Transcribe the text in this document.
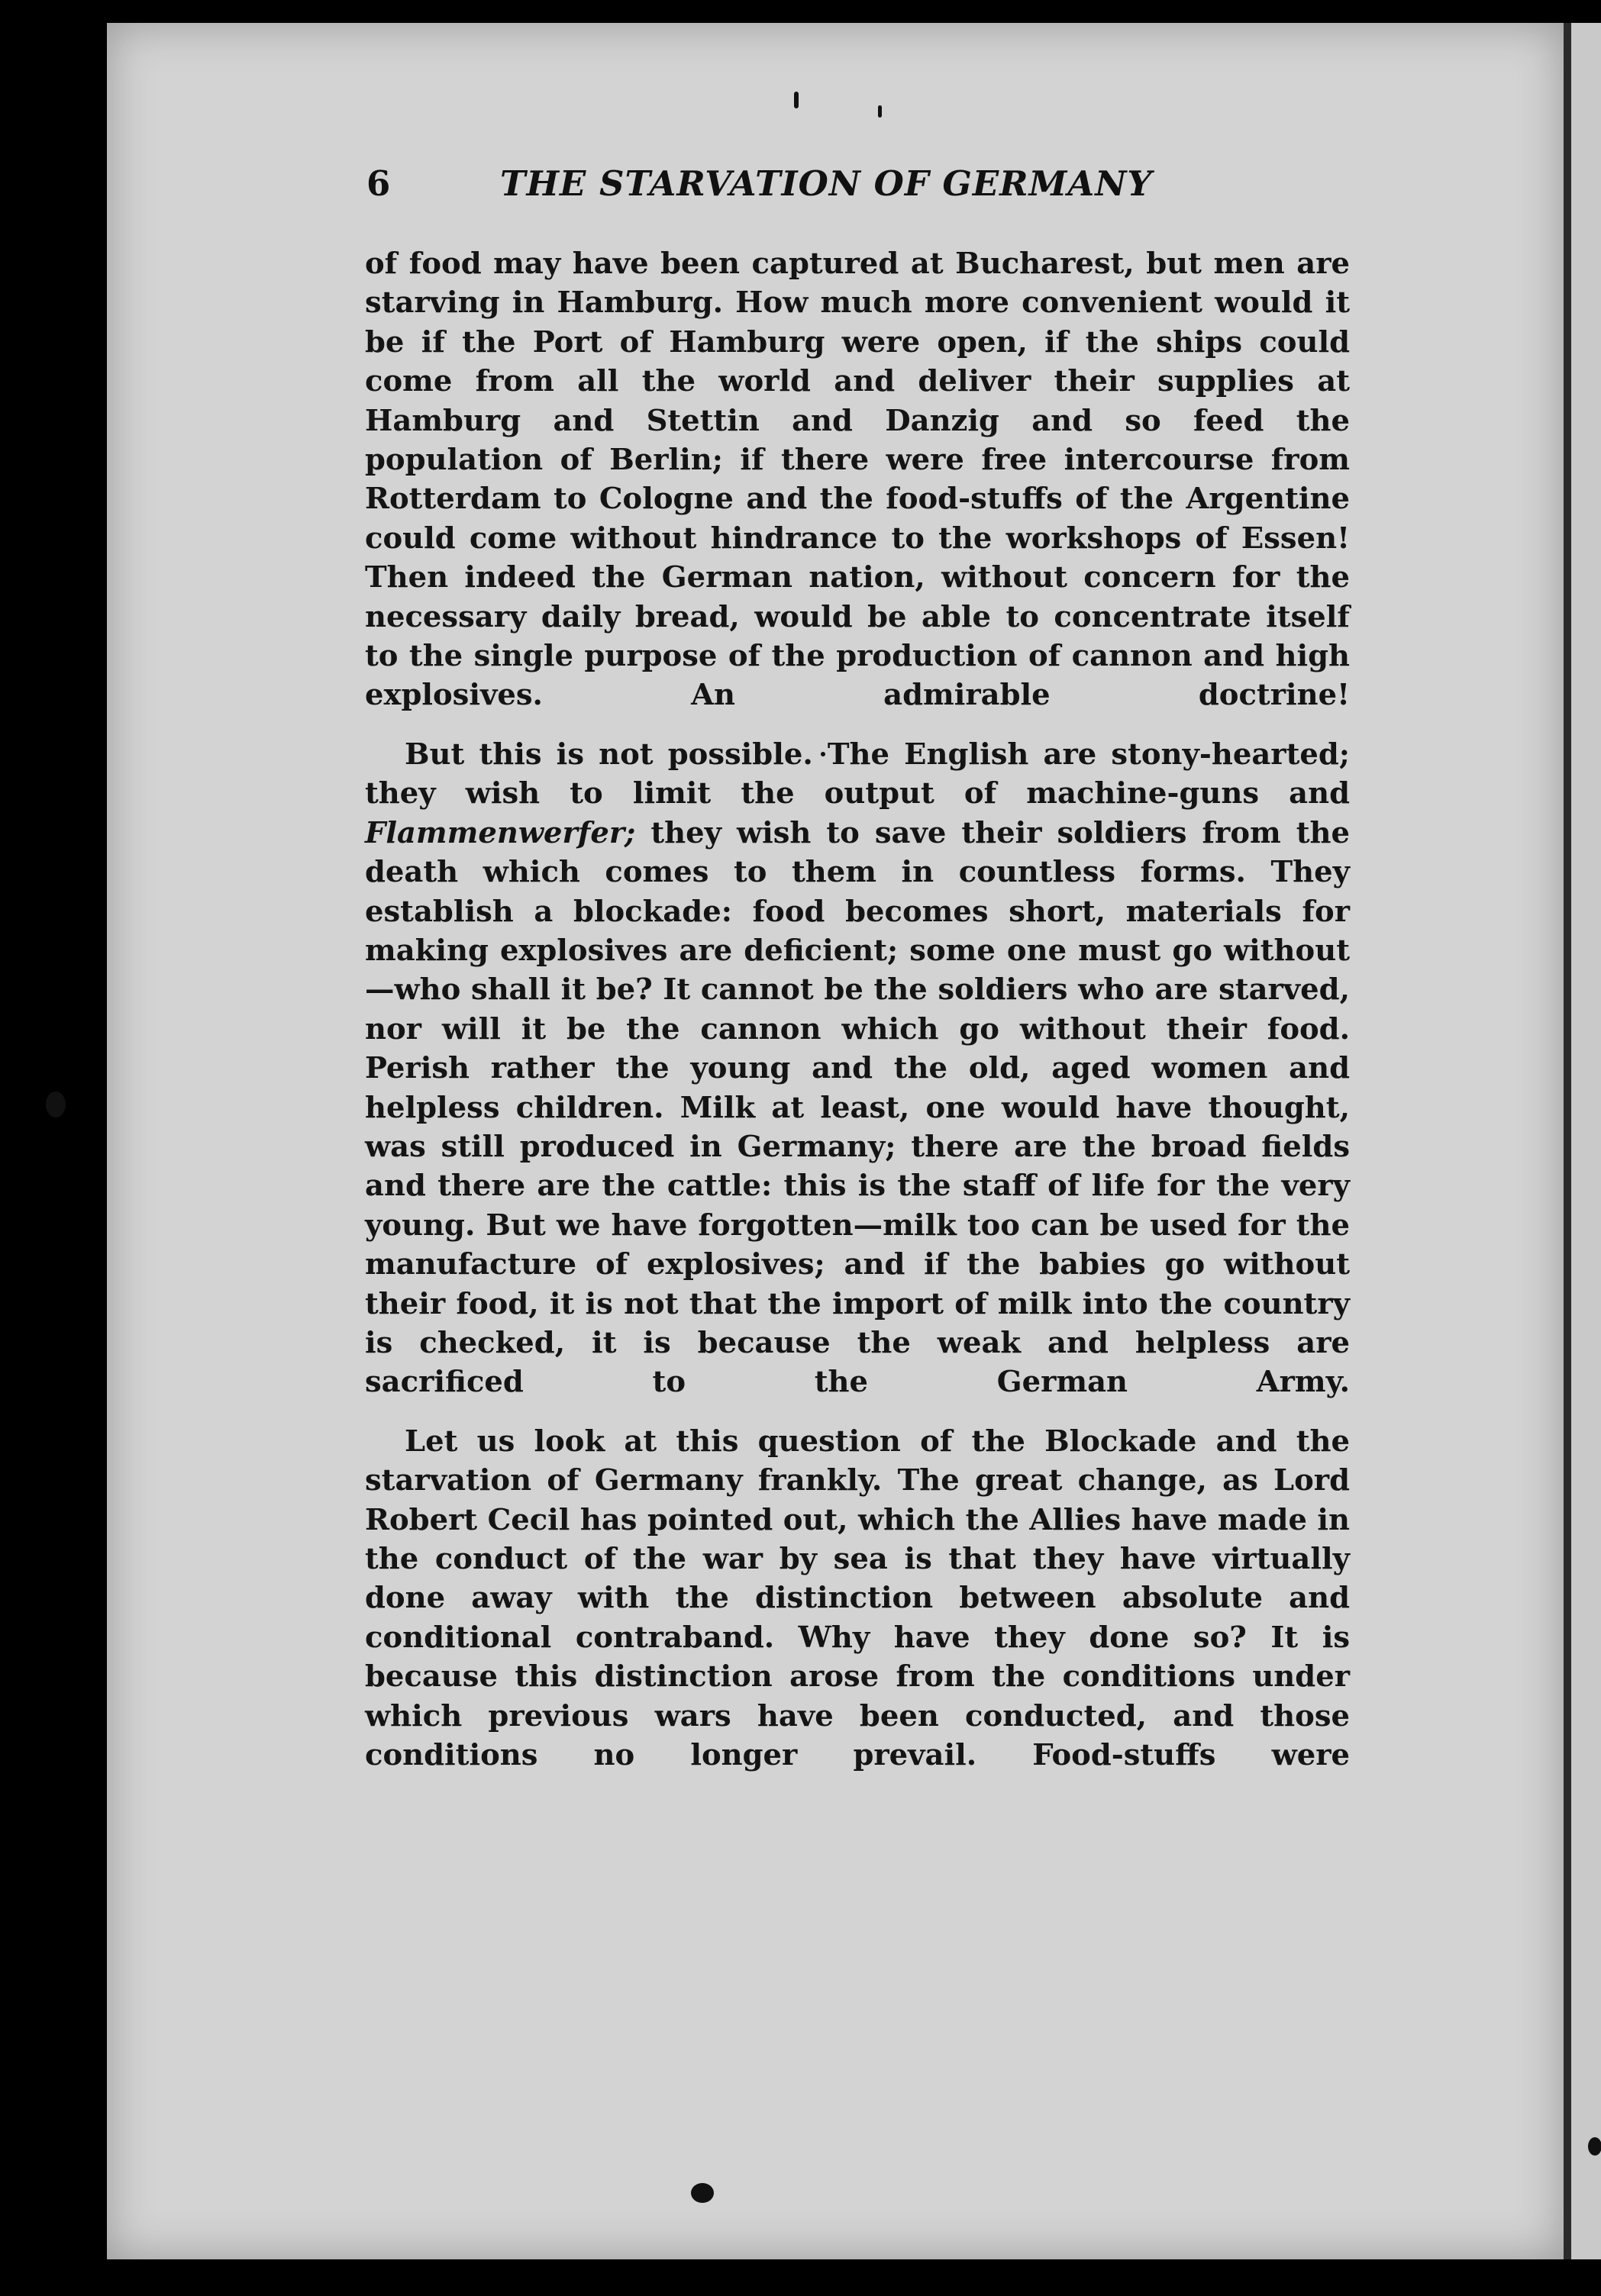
6	THE STARVATION OF GERMANY

of food may have been captured at Bucharest, but men are starving in Hamburg. How much more convenient would it be if the Port of Hamburg were open, if the ships could come from all the world and deliver their supplies at Hamburg and Stettin and Danzig and so feed the population of Berlin; if there were free intercourse from Rotterdam to Cologne and the food-stuffs of the Argentine could come without hindrance to the workshops of Essen! Then indeed the German nation, without concern for the necessary daily bread, would be able to concentrate itself to the single purpose of the production of cannon and high explosives. An admirable doctrine!

But this is not possible. The English are stony-hearted; they wish to limit the output of machine-guns and Flammenwerfer; they wish to save their soldiers from the death which comes to them in countless forms. They establish a blockade: food becomes short, materials for making explosives are deficient; some one must go without—who shall it be? It cannot be the soldiers who are starved, nor will it be the cannon which go without their food. Perish rather the young and the old, aged women and helpless children. Milk at least, one would have thought, was still produced in Germany; there are the broad fields and there are the cattle: this is the staff of life for the very young. But we have forgotten—milk too can be used for the manufacture of explosives; and if the babies go without their food, it is not that the import of milk into the country is checked, it is because the weak and helpless are sacrificed to the German Army.

Let us look at this question of the Blockade and the starvation of Germany frankly. The great change, as Lord Robert Cecil has pointed out, which the Allies have made in the conduct of the war by sea is that they have virtually done away with the distinction between absolute and conditional contraband. Why have they done so? It is because this distinction arose from the conditions under which previous wars have been conducted, and those conditions no longer prevail. Food-stuffs were
